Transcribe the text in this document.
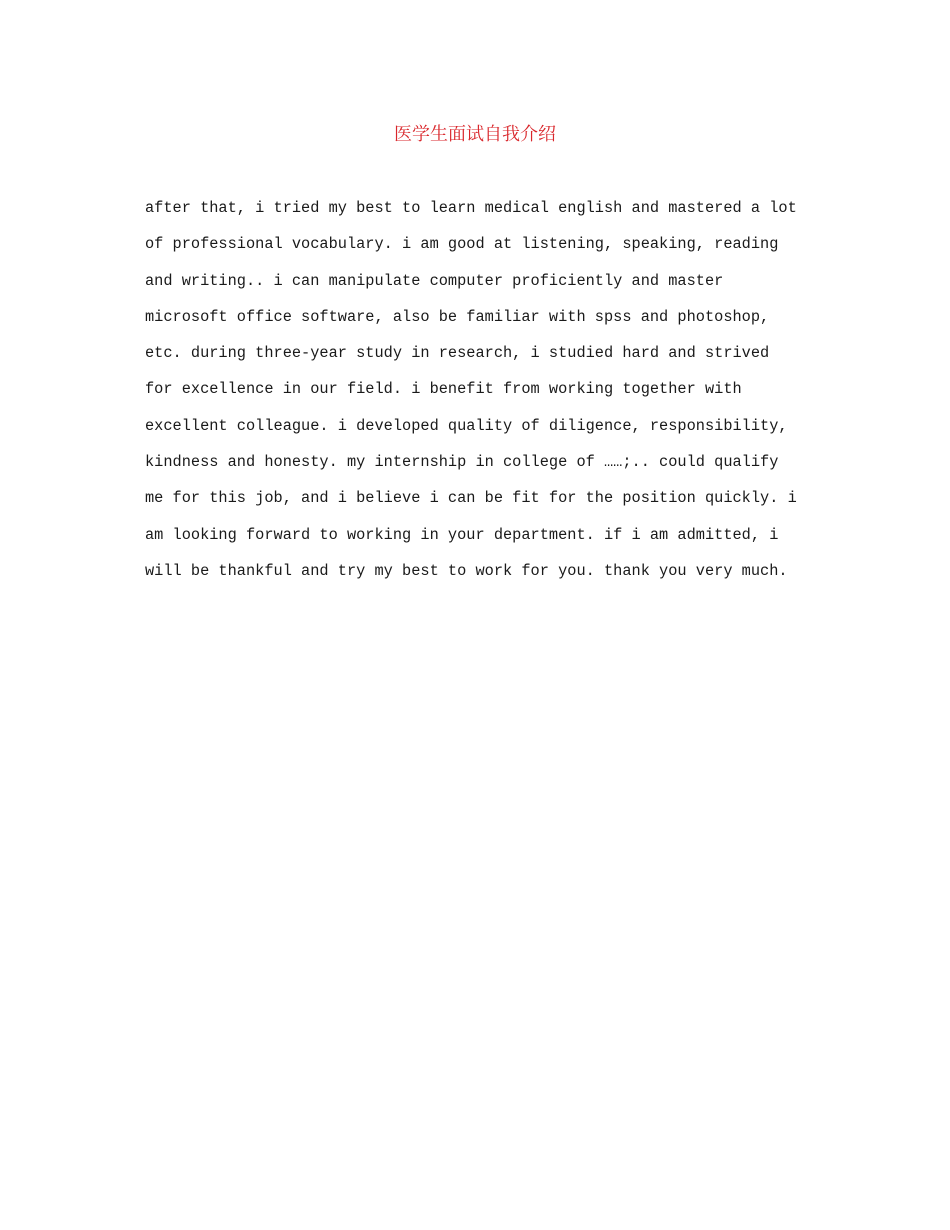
医学生面试自我介绍
after that, i tried my best to learn medical english and mastered a lot
of professional vocabulary. i am good at listening, speaking, reading
and writing.. i can manipulate computer proficiently and master
microsoft office software, also be familiar with spss and photoshop,
etc. during three-year study in research, i studied hard and strived
for excellence in our field. i benefit from working together with
excellent colleague. i developed quality of diligence, responsibility,
kindness and honesty. my internship in college of ……;.. could qualify
me for this job, and i believe i can be fit for the position quickly. i
am looking forward to working in your department. if i am admitted, i
will be thankful and try my best to work for you. thank you very much.
